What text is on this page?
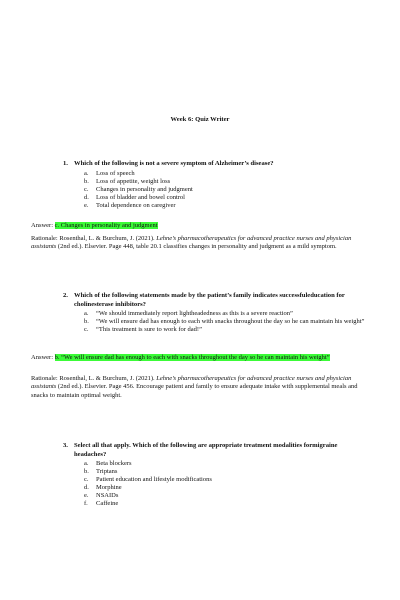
Week 6: Quiz Writer
1. Which of the following is not a severe symptom of Alzheimer’s disease?
a. Loss of speech
b. Loss of appetite, weight loss
c. Changes in personality and judgment
d. Loss of bladder and bowel control
e. Total dependence on caregiver
Answer: c. Changes in personality and judgment
Rationale: Rosenthal, L. & Burchum, J. (2021). Lehne’s pharmacotherapeutics for advanced practice nurses and physician assistants (2nd ed.). Elsevier. Page 448, table 20.1 classifies changes in personality and judgment as a mild symptom.
2. Which of the following statements made by the patient’s family indicates successfuleducation for cholinesterase inhibitors?
a. “We should immediately report lightheadedness as this is a severe reaction”
b. “We will ensure dad has enough to each with snacks throughout the day so he can maintain his weight”
c. “This treatment is sure to work for dad!”
Answer: b. “We will ensure dad has enough to each with snacks throughout the day so he can maintain his weight”
Rationale: Rosenthal, L. & Burchum, J. (2021). Lehne’s pharmacotherapeutics for advanced practice nurses and physician assistants (2nd ed.). Elsevier. Page 456. Encourage patient and family to ensure adequate intake with supplemental meals and snacks to maintain optimal weight.
3. Select all that apply. Which of the following are appropriate treatment modalities formigraine headaches?
a. Beta blockers
b. Triptans
c. Patient education and lifestyle modifications
d. Morphine
e. NSAIDs
f. Caffeine
